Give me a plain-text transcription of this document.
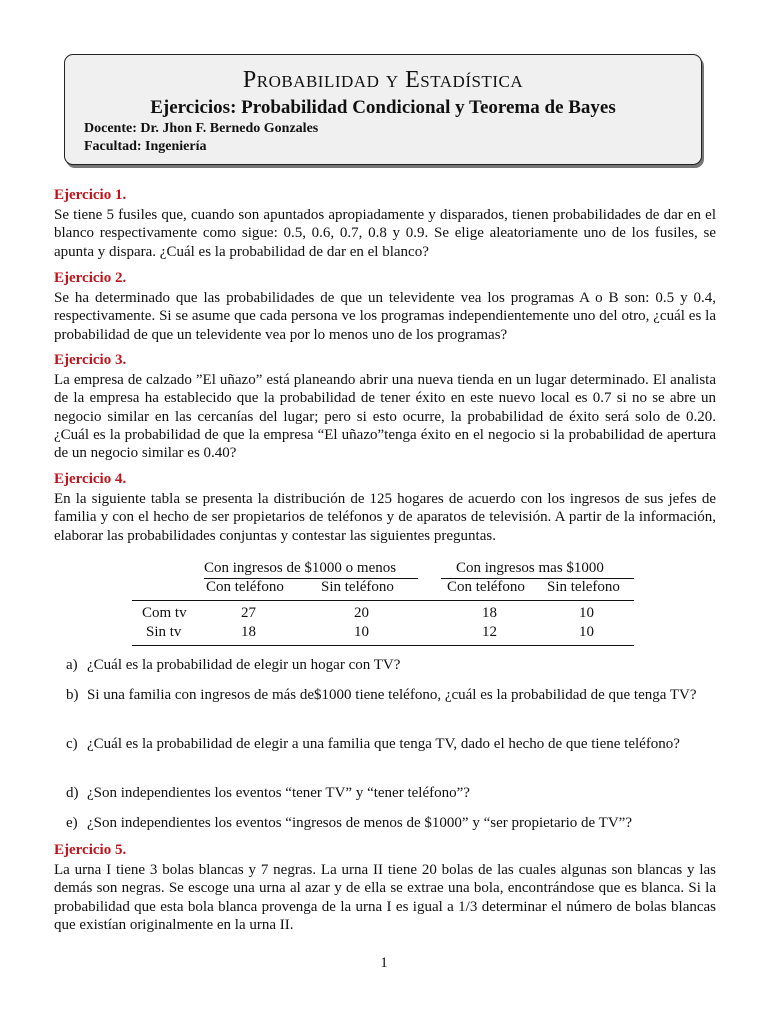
Probabilidad y Estadística
Ejercicios: Probabilidad Condicional y Teorema de Bayes
Docente: Dr. Jhon F. Bernedo Gonzales
Facultad: Ingeniería
Ejercicio 1.
Se tiene 5 fusiles que, cuando son apuntados apropiadamente y disparados, tienen probabilidades de dar en el blanco respectivamente como sigue: 0.5, 0.6, 0.7, 0.8 y 0.9. Se elige aleatoriamente uno de los fusiles, se apunta y dispara. ¿Cuál es la probabilidad de dar en el blanco?
Ejercicio 2.
Se ha determinado que las probabilidades de que un televidente vea los programas A o B son: 0.5 y 0.4, respectivamente. Si se asume que cada persona ve los programas independientemente uno del otro, ¿cuál es la probabilidad de que un televidente vea por lo menos uno de los programas?
Ejercicio 3.
La empresa de calzado ”El uñazo” está planeando abrir una nueva tienda en un lugar determinado. El analista de la empresa ha establecido que la probabilidad de tener éxito en este nuevo local es 0.7 si no se abre un negocio similar en las cercanías del lugar; pero si esto ocurre, la probabilidad de éxito será solo de 0.20. ¿Cuál es la probabilidad de que la empresa “El uñazo”tenga éxito en el negocio si la probabilidad de apertura de un negocio similar es 0.40?
Ejercicio 4.
En la siguiente tabla se presenta la distribución de 125 hogares de acuerdo con los ingresos de sus jefes de familia y con el hecho de ser propietarios de teléfonos y de aparatos de televisión. A partir de la información, elaborar las probabilidades conjuntas y contestar las siguientes preguntas.
Con ingresos de $1000 o menos	Con ingresos mas $1000
Con teléfono Sin teléfono	Con teléfono Sin telefono
Com tv	27	20	18	10
Sin tv	18	10	12	10
a) ¿Cuál es la probabilidad de elegir un hogar con TV?
b) Si una familia con ingresos de más de$1000 tiene teléfono, ¿cuál es la probabilidad de que tenga TV?
c) ¿Cuál es la probabilidad de elegir a una familia que tenga TV, dado el hecho de que tiene teléfono?
d) ¿Son independientes los eventos “tener TV” y “tener teléfono”?
e) ¿Son independientes los eventos “ingresos de menos de $1000” y “ser propietario de TV”?
Ejercicio 5.
La urna I tiene 3 bolas blancas y 7 negras. La urna II tiene 20 bolas de las cuales algunas son blancas y las demás son negras. Se escoge una urna al azar y de ella se extrae una bola, encontrándose que es blanca. Si la probabilidad que esta bola blanca provenga de la urna I es igual a 1/3 determinar el número de bolas blancas que existían originalmente en la urna II.
1
